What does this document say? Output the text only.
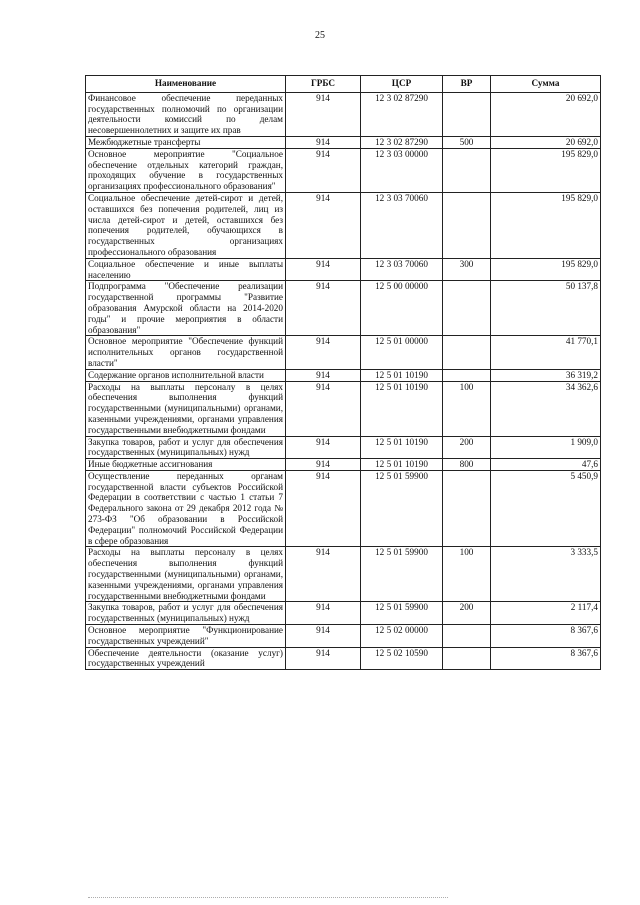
25
Наименование	ГРБС	ЦСР	ВР	Сумма
Финансовое обеспечение переданных государственных полномочий по организации деятельности комиссий по делам несовершеннолетних и защите их прав	914	12 3 02 87290		20 692,0
Межбюджетные трансферты	914	12 3 02 87290	500	20 692,0
Основное мероприятие "Социальное обеспечение отдельных категорий граждан, проходящих обучение в государственных организациях профессионального образования"	914	12 3 03 00000		195 829,0
Социальное обеспечение детей-сирот и детей, оставшихся без попечения родителей, лиц из числа детей-сирот и детей, оставшихся без попечения родителей, обучающихся в государственных организациях профессионального образования	914	12 3 03 70060		195 829,0
Социальное обеспечение и иные выплаты населению	914	12 3 03 70060	300	195 829,0
Подпрограмма "Обеспечение реализации государственной программы "Развитие образования Амурской области на 2014-2020 годы" и прочие мероприятия в области образования"	914	12 5 00 00000		50 137,8
Основное мероприятие "Обеспечение функций исполнительных органов государственной власти"	914	12 5 01 00000		41 770,1
Содержание органов исполнительной власти	914	12 5 01 10190		36 319,2
Расходы на выплаты персоналу в целях обеспечения выполнения функций государственными (муниципальными) органами, казенными учреждениями, органами управления государственными внебюджетными фондами	914	12 5 01 10190	100	34 362,6
Закупка товаров, работ и услуг для обеспечения государственных (муниципальных) нужд	914	12 5 01 10190	200	1 909,0
Иные бюджетные ассигнования	914	12 5 01 10190	800	47,6
Осуществление переданных органам государственной власти субъектов Российской Федерации в соответствии с частью 1 статьи 7 Федерального закона от 29 декабря 2012 года № 273-ФЗ "Об образовании в Российской Федерации" полномочий Российской Федерации в сфере образования	914	12 5 01 59900		5 450,9
Расходы на выплаты персоналу в целях обеспечения выполнения функций государственными (муниципальными) органами, казенными учреждениями, органами управления государственными внебюджетными фондами	914	12 5 01 59900	100	3 333,5
Закупка товаров, работ и услуг для обеспечения государственных (муниципальных) нужд	914	12 5 01 59900	200	2 117,4
Основное мероприятие "Функционирование государственных учреждений"	914	12 5 02 00000		8 367,6
Обеспечение деятельности (оказание услуг) государственных учреждений	914	12 5 02 10590		8 367,6
